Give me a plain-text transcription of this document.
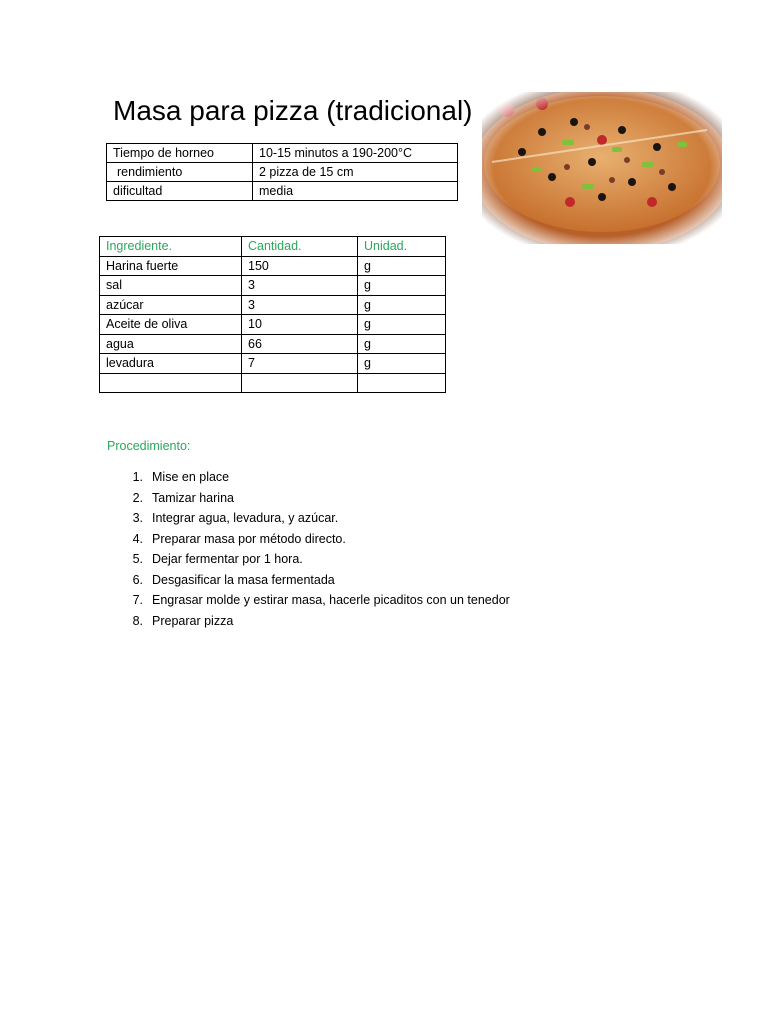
Masa para pizza (tradicional)
Tiempo de horneo	10-15 minutos a 190-200°C
rendimiento	2 pizza de 15 cm
dificultad	media
Ingrediente.	Cantidad.	Unidad.
Harina fuerte	150	g
sal	3	g
azúcar	3	g
Aceite de oliva	10	g
agua	66	g
levadura	7	g

Procedimiento:

1. Mise en place
2. Tamizar harina
3. Integrar agua, levadura, y azúcar.
4. Preparar masa por método directo.
5. Dejar fermentar por 1 hora.
6. Desgasificar la masa fermentada
7. Engrasar molde y estirar masa, hacerle picaditos con un tenedor
8. Preparar pizza
